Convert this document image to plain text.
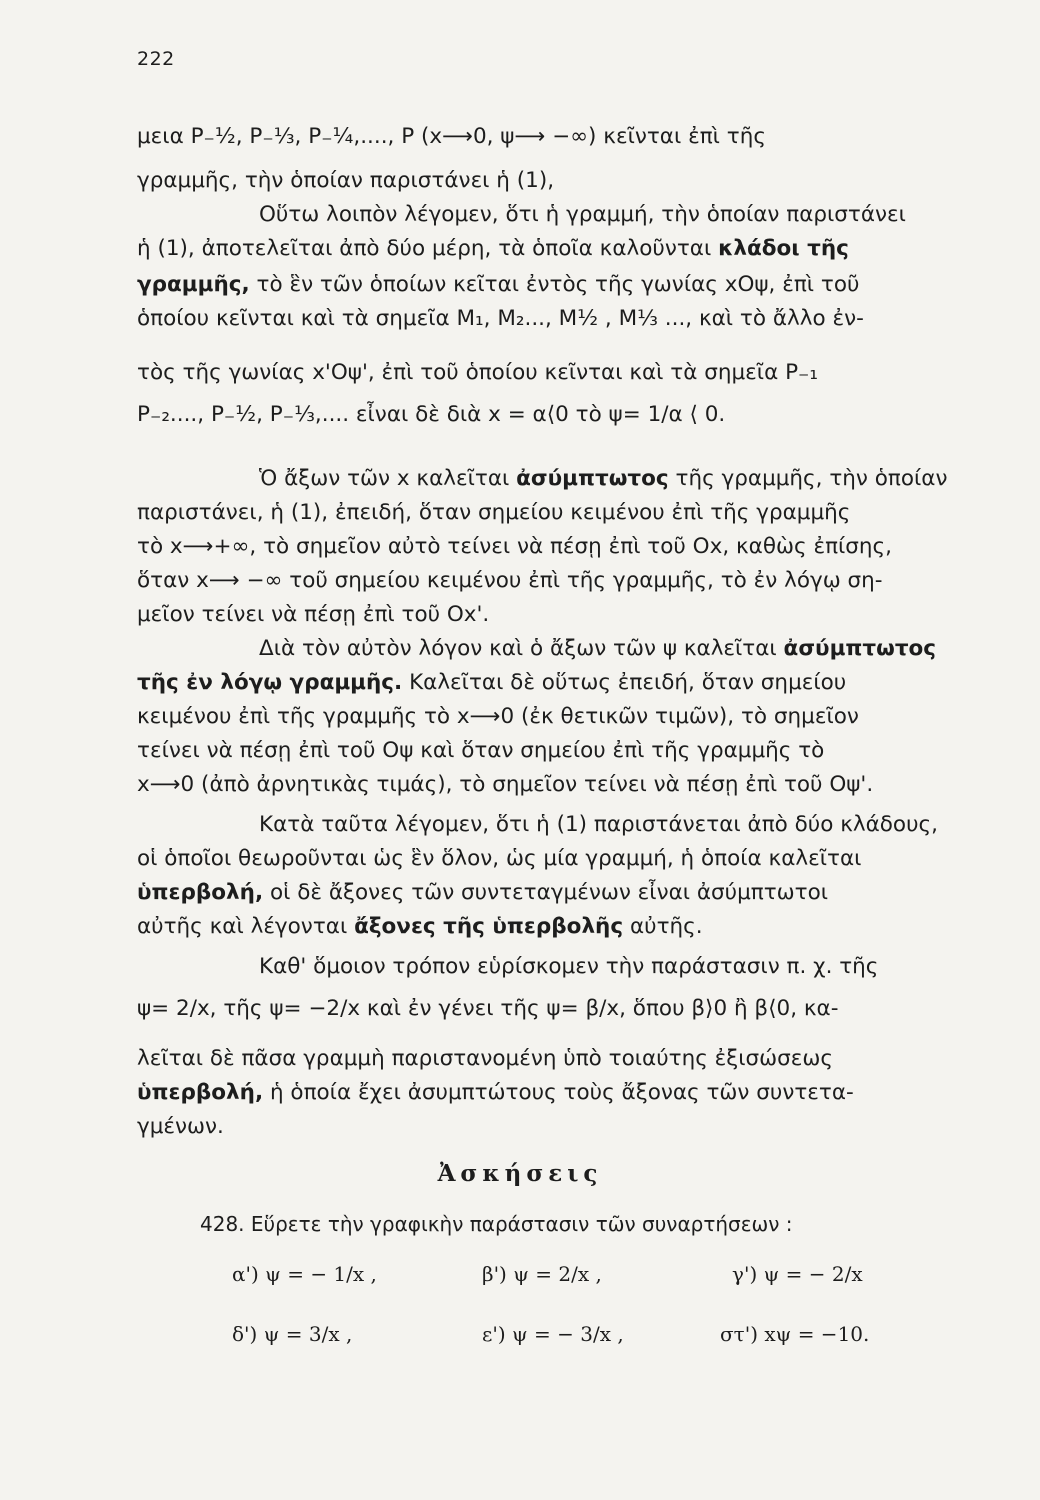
222
μεια P₋½, P₋⅓, P₋¼,...., P (x⟶0, ψ⟶ −∞) κεῖνται ἐπὶ τῆς
γραμμῆς, τὴν ὁποίαν παριστάνει ἡ (1),
Οὕτω λοιπὸν λέγομεν, ὅτι ἡ γραμμή, τὴν ὁποίαν παριστάνει
ἡ (1), ἀποτελεῖται ἀπὸ δύο μέρη, τὰ ὁποῖα καλοῦνται κλάδοι τῆς
γραμμῆς, τὸ ἓν τῶν ὁποίων κεῖται ἐντὸς τῆς γωνίας xOψ, ἐπὶ τοῦ
ὁποίου κεῖνται καὶ τὰ σημεῖα M₁, M₂..., M½ , M⅓ ..., καὶ τὸ ἄλλο ἐν-
τὸς τῆς γωνίας x'Oψ', ἐπὶ τοῦ ὁποίου κεῖνται καὶ τὰ σημεῖα P₋₁
P₋₂...., P₋½, P₋⅓,.... εἶναι δὲ διὰ x = α⟨0 τὸ ψ= 1/α ⟨ 0.
Ὁ ἄξων τῶν x καλεῖται ἀσύμπτωτος τῆς γραμμῆς, τὴν ὁποίαν
παριστάνει, ἡ (1), ἐπειδή, ὅταν σημείου κειμένου ἐπὶ τῆς γραμμῆς
τὸ x⟶+∞, τὸ σημεῖον αὐτὸ τείνει νὰ πέσῃ ἐπὶ τοῦ Ox, καθὼς ἐπίσης,
ὅταν x⟶ −∞ τοῦ σημείου κειμένου ἐπὶ τῆς γραμμῆς, τὸ ἐν λόγῳ ση-
μεῖον τείνει νὰ πέσῃ ἐπὶ τοῦ Ox'.
Διὰ τὸν αὐτὸν λόγον καὶ ὁ ἄξων τῶν ψ καλεῖται ἀσύμπτωτος
τῆς ἐν λόγῳ γραμμῆς. Καλεῖται δὲ οὕτως ἐπειδή, ὅταν σημείου
κειμένου ἐπὶ τῆς γραμμῆς τὸ x⟶0 (ἐκ θετικῶν τιμῶν), τὸ σημεῖον
τείνει νὰ πέσῃ ἐπὶ τοῦ Oψ καὶ ὅταν σημείου ἐπὶ τῆς γραμμῆς τὸ
x⟶0 (ἀπὸ ἀρνητικὰς τιμάς), τὸ σημεῖον τείνει νὰ πέσῃ ἐπὶ τοῦ Oψ'.
Κατὰ ταῦτα λέγομεν, ὅτι ἡ (1) παριστάνεται ἀπὸ δύο κλάδους,
οἱ ὁποῖοι θεωροῦνται ὡς ἓν ὅλον, ὡς μία γραμμή, ἡ ὁποία καλεῖται
ὑπερβολή, οἱ δὲ ἄξονες τῶν συντεταγμένων εἶναι ἀσύμπτωτοι
αὐτῆς καὶ λέγονται ἄξονες τῆς ὑπερβολῆς αὐτῆς.
Καθ' ὅμοιον τρόπον εὑρίσκομεν τὴν παράστασιν π. χ. τῆς
ψ= 2/x, τῆς ψ= −2/x καὶ ἐν γένει τῆς ψ= β/x, ὅπου β⟩0 ἢ β⟨0, κα-
λεῖται δὲ πᾶσα γραμμὴ παριστανομένη ὑπὸ τοιαύτης ἐξισώσεως
ὑπερβολή, ἡ ὁποία ἔχει ἀσυμπτώτους τοὺς ἄξονας τῶν συντετα-
γμένων.
Ἀσκήσεις
428. Εὕρετε τὴν γραφικὴν παράστασιν τῶν συναρτήσεων :
α') ψ = − 1/x ,	β') ψ = 2/x ,	γ') ψ = − 2/x
δ') ψ = 3/x ,	ε') ψ = − 3/x ,	στ') xψ = −10.
